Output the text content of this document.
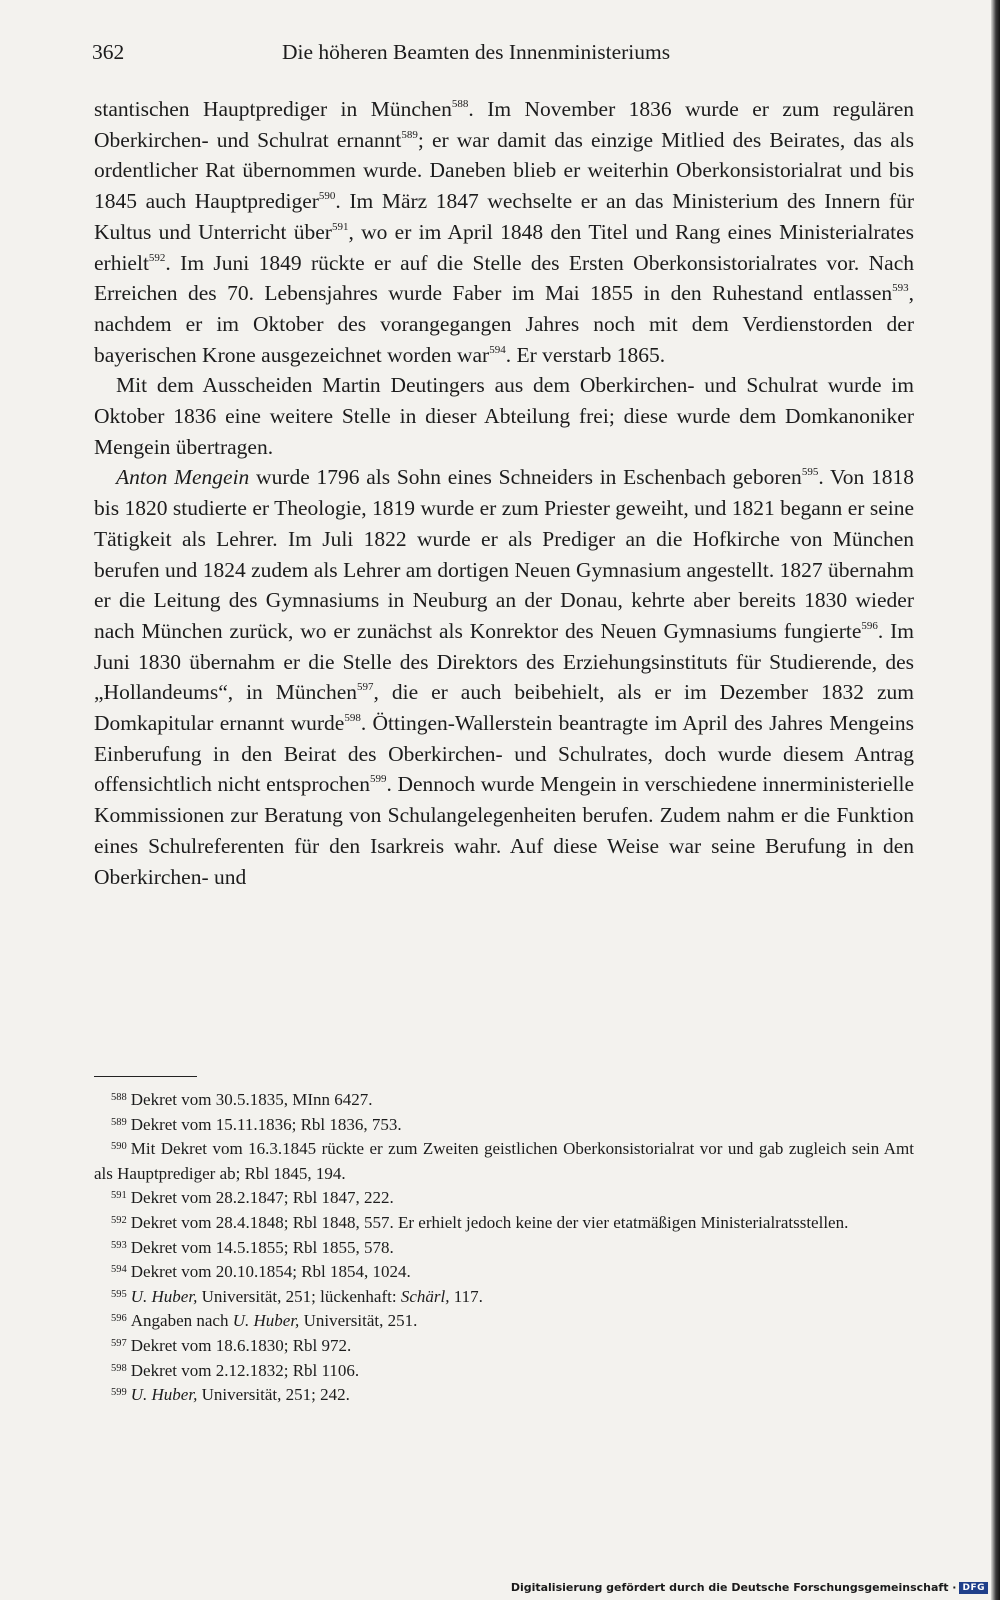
362	Die höheren Beamten des Innenministeriums

stantischen Hauptprediger in München$^{588}$. Im November 1836 wurde er zum regulären Oberkirchen- und Schulrat ernannt$^{589}$; er war damit das einzige Mitlied des Beirates, das als ordentlicher Rat übernommen wurde. Daneben blieb er weiterhin Oberkonsistorialrat und bis 1845 auch Hauptprediger$^{590}$. Im März 1847 wechselte er an das Ministerium des Innern für Kultus und Unterricht über$^{591}$, wo er im April 1848 den Titel und Rang eines Ministerialrates erhielt$^{592}$. Im Juni 1849 rückte er auf die Stelle des Ersten Oberkonsistorialrates vor. Nach Erreichen des 70. Lebensjahres wurde Faber im Mai 1855 in den Ruhestand entlassen$^{593}$, nachdem er im Oktober des vorangegangen Jahres noch mit dem Verdienstorden der bayerischen Krone ausgezeichnet worden war$^{594}$. Er verstarb 1865.

Mit dem Ausscheiden Martin Deutingers aus dem Oberkirchen- und Schulrat wurde im Oktober 1836 eine weitere Stelle in dieser Abteilung frei; diese wurde dem Domkanoniker Mengein übertragen.

Anton Mengein wurde 1796 als Sohn eines Schneiders in Eschenbach geboren$^{595}$. Von 1818 bis 1820 studierte er Theologie, 1819 wurde er zum Priester geweiht, und 1821 begann er seine Tätigkeit als Lehrer. Im Juli 1822 wurde er als Prediger an die Hofkirche von München berufen und 1824 zudem als Lehrer am dortigen Neuen Gymnasium angestellt. 1827 übernahm er die Leitung des Gymnasiums in Neuburg an der Donau, kehrte aber bereits 1830 wieder nach München zurück, wo er zunächst als Konrektor des Neuen Gymnasiums fungierte$^{596}$. Im Juni 1830 übernahm er die Stelle des Direktors des Erziehungsinstituts für Studierende, des „Hollandeums“, in München$^{597}$, die er auch beibehielt, als er im Dezember 1832 zum Domkapitular ernannt wurde$^{598}$. Öttingen-Wallerstein beantragte im April des Jahres Mengeins Einberufung in den Beirat des Oberkirchen- und Schulrates, doch wurde diesem Antrag offensichtlich nicht entsprochen$^{599}$. Dennoch wurde Mengein in verschiedene innerministerielle Kommissionen zur Beratung von Schulangelegenheiten berufen. Zudem nahm er die Funktion eines Schulreferenten für den Isarkreis wahr. Auf diese Weise war seine Berufung in den Oberkirchen- und

588 Dekret vom 30.5.1835, MInn 6427.

589 Dekret vom 15.11.1836; Rbl 1836, 753.

590 Mit Dekret vom 16.3.1845 rückte er zum Zweiten geistlichen Oberkonsistorialrat vor und gab zugleich sein Amt als Hauptprediger ab; Rbl 1845, 194.

591 Dekret vom 28.2.1847; Rbl 1847, 222.

592 Dekret vom 28.4.1848; Rbl 1848, 557. Er erhielt jedoch keine der vier etatmäßigen Ministerialratsstellen.

593 Dekret vom 14.5.1855; Rbl 1855, 578.

594 Dekret vom 20.10.1854; Rbl 1854, 1024.

595 U. Huber, Universität, 251; lückenhaft: Schärl, 117.

596 Angaben nach U. Huber, Universität, 251.

597 Dekret vom 18.6.1830; Rbl 972.

598 Dekret vom 2.12.1832; Rbl 1106.

599 U. Huber, Universität, 251; 242.

Digitalisierung gefördert durch die Deutsche Forschungsgemeinschaft · DFG
